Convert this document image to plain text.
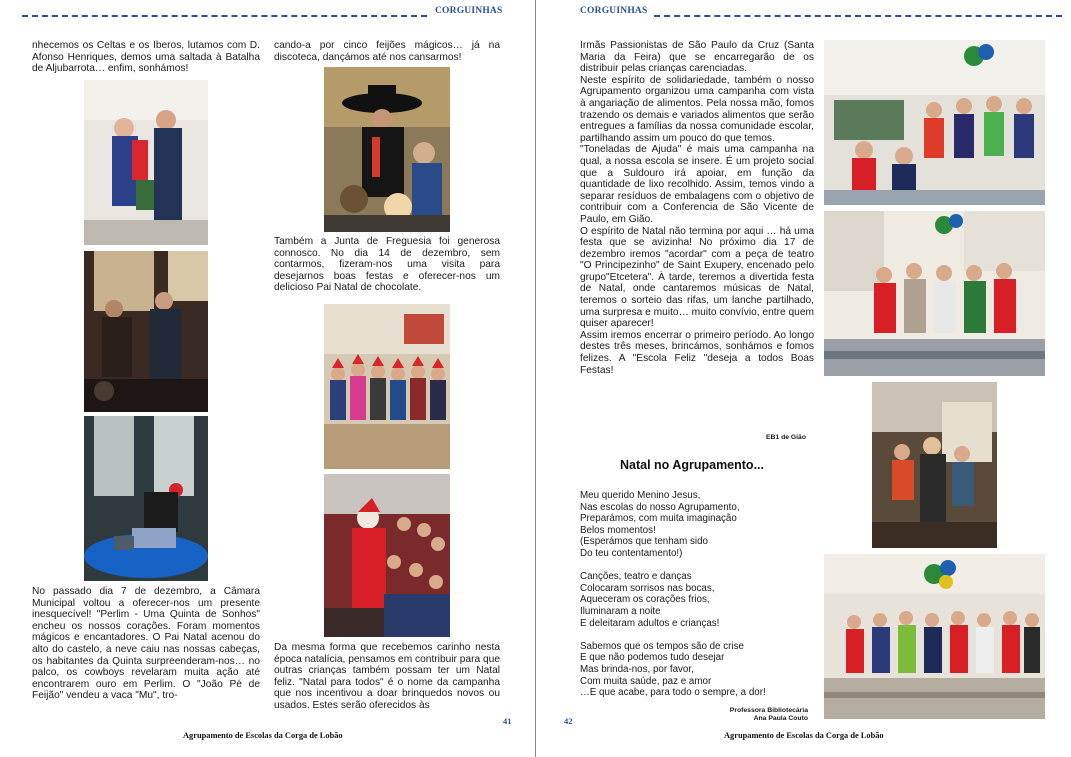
CORGUINHAS

nhecemos os Celtas e os Iberos, lutamos com D. Afonso Henriques, demos uma saltada à Batalha de Aljubarrota… enfim, sonhámos!

No passado dia 7 de dezembro, a Câmara Municipal voltou a oferecer-nos um presente inesquecível! "Perlim - Uma Quinta de Sonhos" encheu os nossos corações. Foram momentos mágicos e encantadores. O Pai Natal acenou do alto do castelo, a neve caiu nas nossas cabeças, os habitantes da Quinta surpreenderam-nos… no palco, os cowboys revelaram muita ação até encontrarem ouro em Perlim. O "João Pé de Feijão" vendeu a vaca "Mu", tro-

cando-a por cinco feijões mágicos… já na discoteca, dançámos até nos cansarmos!

Também a Junta de Freguesia foi generosa connosco. No dia 14 de dezembro, sem contarmos, fizeram-nos uma visita para desejarnos boas festas e oferecer-nos um delicioso Pai Natal de chocolate.

Da mesma forma que recebemos carinho nesta época natalícia, pensamos em contribuir para que outras crianças também possam ter um Natal feliz. "Natal para todos" é o nome da campanha que nos incentivou a doar brinquedos novos ou usados. Estes serão oferecidos às

41
Agrupamento de Escolas da Corga de Lobão
CORGUINHAS

Irmãs Passionistas de São Paulo da Cruz (Santa Maria da Feira) que se encarregarão de os distribuir pelas crianças carenciadas.

Neste espírito de solidariedade, também o nosso Agrupamento organizou uma campanha com vista à angariação de alimentos. Pela nossa mão, fomos trazendo os demais e variados alimentos que serão entregues a famílias da nossa comunidade escolar, partilhando assim um pouco do que temos.

"Toneladas de Ajuda" é mais uma campanha na qual, a nossa escola se insere. É um projeto social que a Suldouro irá apoiar, em função da quantidade de lixo recolhido. Assim, temos vindo a separar resíduos de embalagens com o objetivo de contribuir com a Conferencia de São Vicente de Paulo, em Gião.

O espírito de Natal não termina por aqui … há uma festa que se avizinha! No próximo dia 17 de dezembro iremos "acordar" com a peça de teatro "O Principezinho" de Saint Exupery, encenado pelo grupo"Etcetera". À tarde, teremos a divertida festa de Natal, onde cantaremos músicas de Natal, teremos o sorteio das rifas, um lanche partilhado, uma surpresa e muito… muito convívio, entre quem quiser aparecer!

Assim iremos encerrar o primeiro período. Ao longo destes três meses, brincámos, sonhámos e fomos felizes. A "Escola Feliz "deseja a todos Boas Festas!

EB1 de Gião
Natal no Agrupamento...
Meu querido Menino Jesus,
Nas escolas do nosso Agrupamento,
Preparámos, com muita imaginação
Belos momentos!
(Esperámos que tenham sido
Do teu contentamento!)
Canções, teatro e danças
Colocaram sorrisos nas bocas,
Aqueceram os corações frios,
Iluminaram a noite
E deleitaram adultos e crianças!
Sabemos que os tempos são de crise
E que não podemos tudo desejar
Mas brinda-nos, por favor,
Com muita saúde, paz e amor
…E que acabe, para todo o sempre, a dor!
Professora Bibliotecária
Ana Paula Couto
42
Agrupamento de Escolas da Corga de Lobão
